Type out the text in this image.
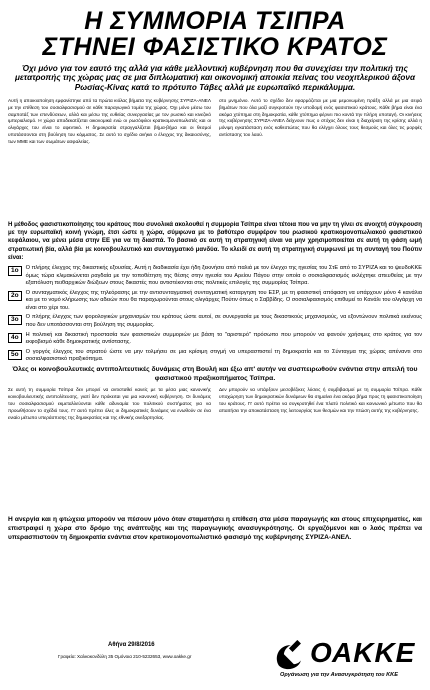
Η ΣΥΜΜΟΡΙΑ ΤΣΙΠΡΑ
ΣΤΗΝΕΙ ΦΑΣΙΣΤΙΚΟ ΚΡΑΤΟΣ
Όχι μόνο για τον εαυτό της αλλά για κάθε μελλοντική κυβέρνηση που θα συνεχίσει την πολιτική της μετατροπής της χώρας μας σε μια διπλωματική και οικονομική αποικία πείνας του νεοχιτλερικού άξονα Ρωσίας-Κίνας κατά το πρότυπο Τάβες αλλά με ευρωπαϊκό περικάλυμμα.
Αυτή η αποικιοποίηση εμφανίστηκε από τα πρώτα κιόλας βήματα της κυβέρνησης ΣΥΡΙΖΑ-ΑΝΕΛ με την επίθεση του σοσιαλφασισμού σε κάθε παραγωγικό τομέα της χώρας. Όχι μόνο μέσω του σαμποτάζ των επενδύσεων, αλλά και μέσω της ευθείας συνεργασίας με τον ρωσικό και κινεζικό ιμπεριαλισμό. Η χώρα αποδεκατίζεται οικονομικά ενώ οι ρωσόφιλοι κρατικομονοπωλιστές και οι ολιγάρχες του είναι το αφεντικό. Η δημοκρατία στραγγαλίζεται βήμα-βήμα και οι θεσμοί υποτάσσονται στη βούληση του κόμματος. Σε αυτό το σχέδιο ανήκει ο έλεγχος της δικαιοσύνης, των ΜΜΕ και των σωμάτων ασφαλείας.
στο μνημόνιο. Αυτό το σχέδιο δεν εφαρμόζεται με μια μεμονωμένη πράξη αλλά με μια σειρά βημάτων που όλα μαζί συγκροτούν την υποδομή ενός φασιστικού κράτους. Κάθε βήμα είναι ένα ακόμα χτύπημα στη δημοκρατία, κάθε χτύπημα φέρνει πιο κοντά την πλήρη υποταγή. Οι κινήσεις της κυβέρνησης ΣΥΡΙΖΑ-ΑΝΕΛ δείχνουν πως ο στόχος δεν είναι η διαχείριση της κρίσης αλλά η μόνιμη εγκατάσταση ενός καθεστώτος που θα ελέγχει όλους τους θεσμούς και όλες τις μορφές αντίστασης του λαού.
Η μέθοδος φασιστικοποίησης του κράτους που συνολικά ακολουθεί η συμμορία Τσίπρα είναι τέτοια που να μην τη γίνει σε ανοιχτή σύγκρουση με την ευρωπαϊκή κοινή γνώμη, έτσι ώστε η χώρα, σύμφωνα με το βαθύτερο συμφέρον του ρωσικού κρατικομονοπωλιακού φασιστικού κεφάλαιου, να μένει μέσα στην ΕΕ για να τη διασπά. Το βασικό σε αυτή τη στρατηγική είναι να μην χρησιμοποιείται σε αυτή τη φάση ωμή στρατιωτική βία, αλλά βία με κοινοβουλευτικό και συνταγματικό μανδύα. Το κλειδί σε αυτή τη στρατηγική συμφωνεί με τη συνταγή του Πούτιν είναι:
1ο	Ο πλήρης έλεγχος της δικαστικής εξουσίας. Αυτή η διαδικασία έχει ήδη ξεκινήσει από παλιά με τον έλεγχο της ηγεσίας του ΣτΕ από το ΣΥΡΙΖΑ και το ψευδοΚΚΕ όμως τώρα κλιμακώνεται ραγδαία με την τοποθέτηση της θέσης στην ηγεσία του Αρείου Πάγου στην οποία ο σοσιαλφασισμός εκλέχτηκε απευθείας με την εξαπόλυση πειθαρχικών διώξεων στους δικαστές που αντιστέκονται στις πολιτικές επιλογές της συμμορίας Τσίπρα.
2ο	Ο συνταγματικός έλεγχος της τηλεόρασης με την αντισυνταγματική συνταγματική καταργηση του ΕΣΡ, με τη φασιστική απόφαση να υπάρχουν μόνο 4 κανάλια και με το νομό κλήρωσης των αδειών που θα παραχωρούνται στους ολιγάρχες Πούτιν όπως ο Σαββίδης. Ο σοσιαλφασισμός επιθυμεί το Κανάλι του ολιγάρχη να είναι στο χέρι του.
3ο	Ο πλήρης έλεγχος των φορολογικών μηχανισμών του κράτους ώστε αυτοί, σε συνεργασία με τους δικαστικούς μηχανισμούς, να εξοντώνουν πολιτικά εκείνους που δεν υποτάσσονται στη βούληση της συμμορίας.
4ο	Η πολιτική και δικαστική προστασία των φασιστικών συμμοριών με βάση το "αριστερό" πρόσωπο που μπορούν να φανούν χρήσιμες στο κράτος για τον εκφοβισμό κάθε δημοκρατικής αντίστασης.
5ο	Ο γοργός έλεγχος του στρατού ώστε να μην τολμήσει σε μια κρίσιμη στιγμή να υπερασπιστεί τη δημοκρατία και το Σύνταγμα της χώρας απέναντι στο σοσιαλφασιστικό πραξικόπημα.
Όλες οι κοινοβουλευτικές αντιπολιτευτικές δυνάμεις στη Βουλή και έξω απ' αυτήν να συσπειρωθούν ενάντια στην απειλή του φασιστικού πραξικοπήματος Τσίπρα.
Σε αυτή τη συμμορία Τσίπρα δεν μπορεί να αντισταθεί κανείς με τα μέσα μιας κανονικής κοινοβουλευτικής αντιπολίτευσης, γιατί δεν πρόκειται για μια κανονική κυβέρνηση. Οι δυνάμεις του σοσιαλφασισμού εκμεταλλεύονται κάθε αδυναμία του πολιτικού συστήματος για να προωθήσουν το σχέδιό τους. Γι' αυτό πρέπει όλες οι δημοκρατικές δυνάμεις να ενωθούν σε ένα ενιαίο μέτωπο υπεράσπισης της δημοκρατίας και της εθνικής ανεξαρτησίας.
Δεν μπορούν να υπάρξουν μεσοβέζικες λύσεις ή συμβιβασμοί με τη συμμορία Τσίπρα. Κάθε υποχώρηση των δημοκρατικών δυνάμεων θα σημαίνει ένα ακόμα βήμα προς τη φασιστικοποίηση του κράτους. Γι' αυτό πρέπει να συγκροτηθεί ένα πλατύ πολιτικό και κοινωνικό μέτωπο που θα απαιτήσει την αποκατάσταση της λειτουργίας των θεσμών και την πτώση αυτής της κυβέρνησης.
Η ανεργία και η φτώχεια μπορούν να πέσουν μόνο όταν σταματήσει η επίθεση στα μέσα παραγωγής και στους επιχειρηματίες, και επιστραφεί η χώρα στο δρόμο της ανάπτυξης και της παραγωγικής ανασυγκρότησης. Οι εργαζόμενοι και ο λαός πρέπει να υπερασπιστούν τη δημοκρατία ενάντια στον κρατικομονοπωλιστικό φασισμό της κυβέρνησης ΣΥΡΙΖΑ-ΑΝΕΛ.
Αθήνα 29/8/2016
Γραφεία: Χαλκοκονδύλη 35 Ομόνοια 210-5232653, www.oakke.gr	ΟΑΚΚΕ
Οργάνωση για την Ανασυγκρότηση του ΚΚΕ
